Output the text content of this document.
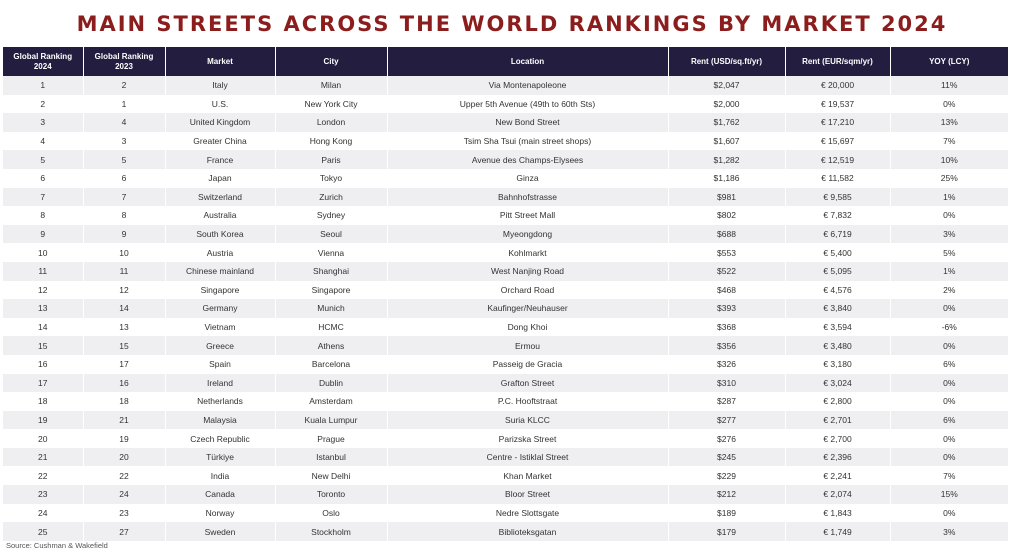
MAIN STREETS ACROSS THE WORLD RANKINGS BY MARKET 2024
Global Ranking 2024	Global Ranking 2023	Market	City	Location	Rent (USD/sq.ft/yr)	Rent (EUR/sqm/yr)	YOY (LCY)
1	2	Italy	Milan	Via Montenapoleone	$2,047	€ 20,000	11%
2	1	U.S.	New York City	Upper 5th Avenue (49th to 60th Sts)	$2,000	€ 19,537	0%
3	4	United Kingdom	London	New Bond Street	$1,762	€ 17,210	13%
4	3	Greater China	Hong Kong	Tsim Sha Tsui (main street shops)	$1,607	€ 15,697	7%
5	5	France	Paris	Avenue des Champs-Elysees	$1,282	€ 12,519	10%
6	6	Japan	Tokyo	Ginza	$1,186	€ 11,582	25%
7	7	Switzerland	Zurich	Bahnhofstrasse	$981	€ 9,585	1%
8	8	Australia	Sydney	Pitt Street Mall	$802	€ 7,832	0%
9	9	South Korea	Seoul	Myeongdong	$688	€ 6,719	3%
10	10	Austria	Vienna	Kohlmarkt	$553	€ 5,400	5%
11	11	Chinese mainland	Shanghai	West Nanjing Road	$522	€ 5,095	1%
12	12	Singapore	Singapore	Orchard Road	$468	€ 4,576	2%
13	14	Germany	Munich	Kaufinger/Neuhauser	$393	€ 3,840	0%
14	13	Vietnam	HCMC	Dong Khoi	$368	€ 3,594	-6%
15	15	Greece	Athens	Ermou	$356	€ 3,480	0%
16	17	Spain	Barcelona	Passeig de Gracia	$326	€ 3,180	6%
17	16	Ireland	Dublin	Grafton Street	$310	€ 3,024	0%
18	18	Netherlands	Amsterdam	P.C. Hooftstraat	$287	€ 2,800	0%
19	21	Malaysia	Kuala Lumpur	Suria KLCC	$277	€ 2,701	6%
20	19	Czech Republic	Prague	Parizska Street	$276	€ 2,700	0%
21	20	Türkiye	Istanbul	Centre - Istiklal Street	$245	€ 2,396	0%
22	22	India	New Delhi	Khan Market	$229	€ 2,241	7%
23	24	Canada	Toronto	Bloor Street	$212	€ 2,074	15%
24	23	Norway	Oslo	Nedre Slottsgate	$189	€ 1,843	0%
25	27	Sweden	Stockholm	Biblioteksgatan	$179	€ 1,749	3%
Source: Cushman & Wakefield
